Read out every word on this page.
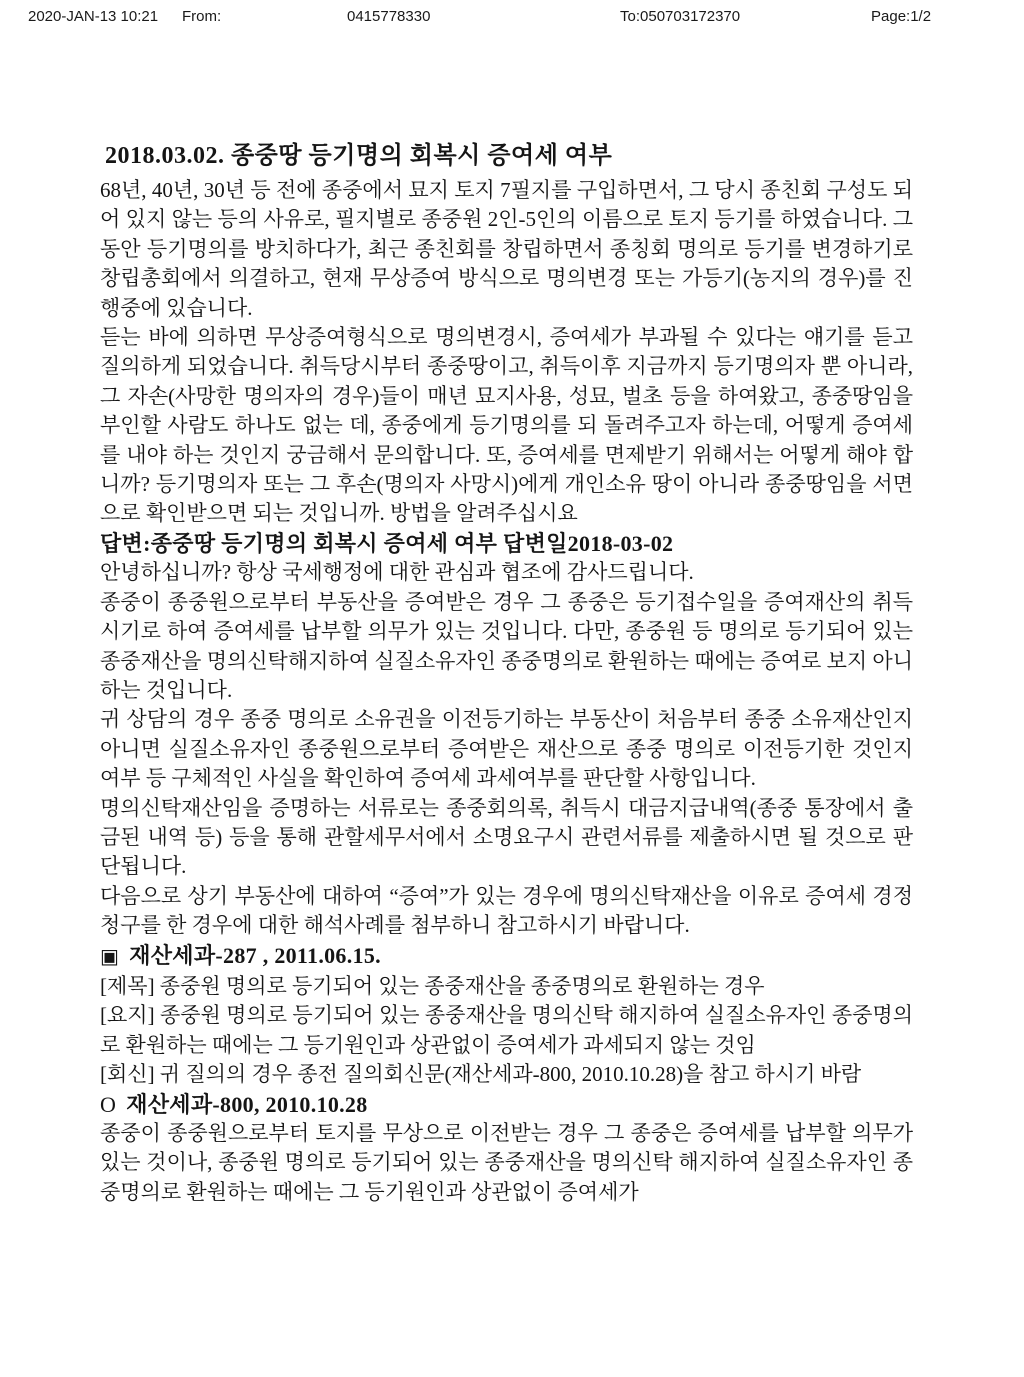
2020-JAN-13 10:21 From:	0415778330	To:050703172370	Page:1/2
2018.03.02. 종중땅 등기명의 회복시 증여세 여부

68년, 40년, 30년 등 전에 종중에서 묘지 토지 7필지를 구입하면서, 그 당시 종친회 구성도 되어 있지 않는 등의 사유로, 필지별로 종중원 2인-5인의 이름으로 토지 등기를 하였습니다. 그동안 등기명의를 방치하다가, 최근 종친회를 창립하면서 종칭회 명의로 등기를 변경하기로 창립총회에서 의결하고, 현재 무상증여 방식으로 명의변경 또는 가등기(농지의 경우)를 진행중에 있습니다.

듣는 바에 의하면 무상증여형식으로 명의변경시, 증여세가 부과될 수 있다는 얘기를 듣고 질의하게 되었습니다. 취득당시부터 종중땅이고, 취득이후 지금까지 등기명의자 뿐 아니라, 그 자손(사망한 명의자의 경우)들이 매년 묘지사용, 성묘, 벌초 등을 하여왔고, 종중땅임을 부인할 사람도 하나도 없는 데, 종중에게 등기명의를 되 돌려주고자 하는데, 어떻게 증여세를 내야 하는 것인지 궁금해서 문의합니다. 또, 증여세를 면제받기 위해서는 어떻게 해야 합니까? 등기명의자 또는 그 후손(명의자 사망시)에게 개인소유 땅이 아니라 종중땅임을 서면으로 확인받으면 되는 것입니까. 방법을 알려주십시요

답변:종중땅 등기명의 회복시 증여세 여부 답변일2018-03-02

안녕하십니까? 항상 국세행정에 대한 관심과 협조에 감사드립니다.

종중이 종중원으로부터 부동산을 증여받은 경우 그 종중은 등기접수일을 증여재산의 취득시기로 하여 증여세를 납부할 의무가 있는 것입니다. 다만, 종중원 등 명의로 등기되어 있는 종중재산을 명의신탁해지하여 실질소유자인 종중명의로 환원하는 때에는 증여로 보지 아니하는 것입니다.

귀 상담의 경우 종중 명의로 소유권을 이전등기하는 부동산이 처음부터 종중 소유재산인지 아니면 실질소유자인 종중원으로부터 증여받은 재산으로 종중 명의로 이전등기한 것인지 여부 등 구체적인 사실을 확인하여 증여세 과세여부를 판단할 사항입니다.

명의신탁재산임을 증명하는 서류로는 종중회의록, 취득시 대금지급내역(종중 통장에서 출금된 내역 등) 등을 통해 관할세무서에서 소명요구시 관련서류를 제출하시면 될 것으로 판단됩니다.

다음으로 상기 부동산에 대하여 “증여”가 있는 경우에 명의신탁재산을 이유로 증여세 경정청구를 한 경우에 대한 해석사례를 첨부하니 참고하시기 바랍니다.

▣ 재산세과-287 , 2011.06.15.

[제목] 종중원 명의로 등기되어 있는 종중재산을 종중명의로 환원하는 경우

[요지] 종중원 명의로 등기되어 있는 종중재산을 명의신탁 해지하여 실질소유자인 종중명의로 환원하는 때에는 그 등기원인과 상관없이 증여세가 과세되지 않는 것임

[회신] 귀 질의의 경우 종전 질의회신문(재산세과-800, 2010.10.28)을 참고 하시기 바람

O 재산세과-800, 2010.10.28

종중이 종중원으로부터 토지를 무상으로 이전받는 경우 그 종중은 증여세를 납부할 의무가 있는 것이나, 종중원 명의로 등기되어 있는 종중재산을 명의신탁 해지하여 실질소유자인 종중명의로 환원하는 때에는 그 등기원인과 상관없이 증여세가
